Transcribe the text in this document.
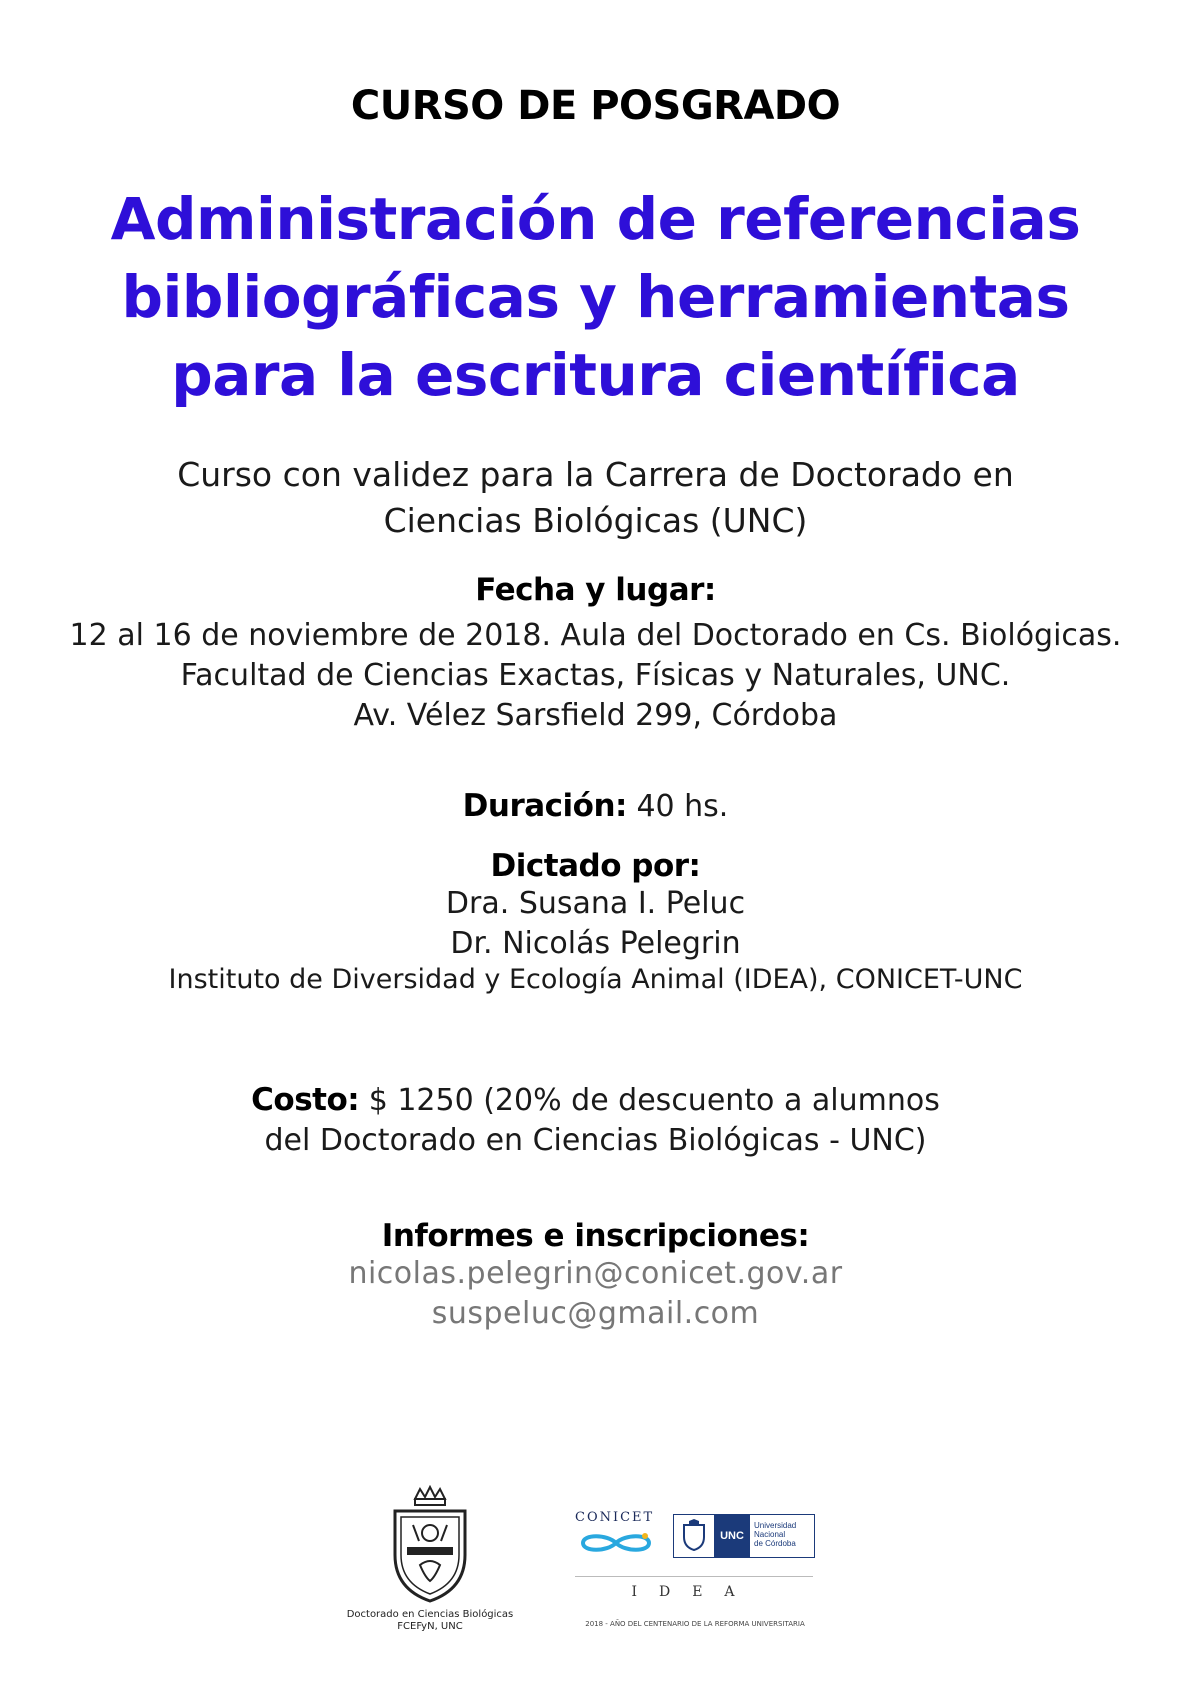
CURSO DE POSGRADO
Administración de referencias
bibliográficas y herramientas
para la escritura científica
Curso con validez para la Carrera de Doctorado en
Ciencias Biológicas (UNC)
Fecha y lugar:
12 al 16 de noviembre de 2018. Aula del Doctorado en Cs. Biológicas.
Facultad de Ciencias Exactas, Físicas y Naturales, UNC.
Av. Vélez Sarsfield 299, Córdoba
Duración: 40 hs.
Dictado por:
Dra. Susana I. Peluc
Dr. Nicolás Pelegrin
Instituto de Diversidad y Ecología Animal (IDEA), CONICET-UNC
Costo: $ 1250 (20% de descuento a alumnos
del Doctorado en Ciencias Biológicas - UNC)
Informes e inscripciones:
nicolas.pelegrin@conicet.gov.ar
suspeluc@gmail.com
Doctorado en Ciencias Biológicas
FCEFyN, UNC
CONICET
UNC
Universidad
Nacional
de Córdoba
IDEA
2018 - AÑO DEL CENTENARIO DE LA REFORMA UNIVERSITARIA
